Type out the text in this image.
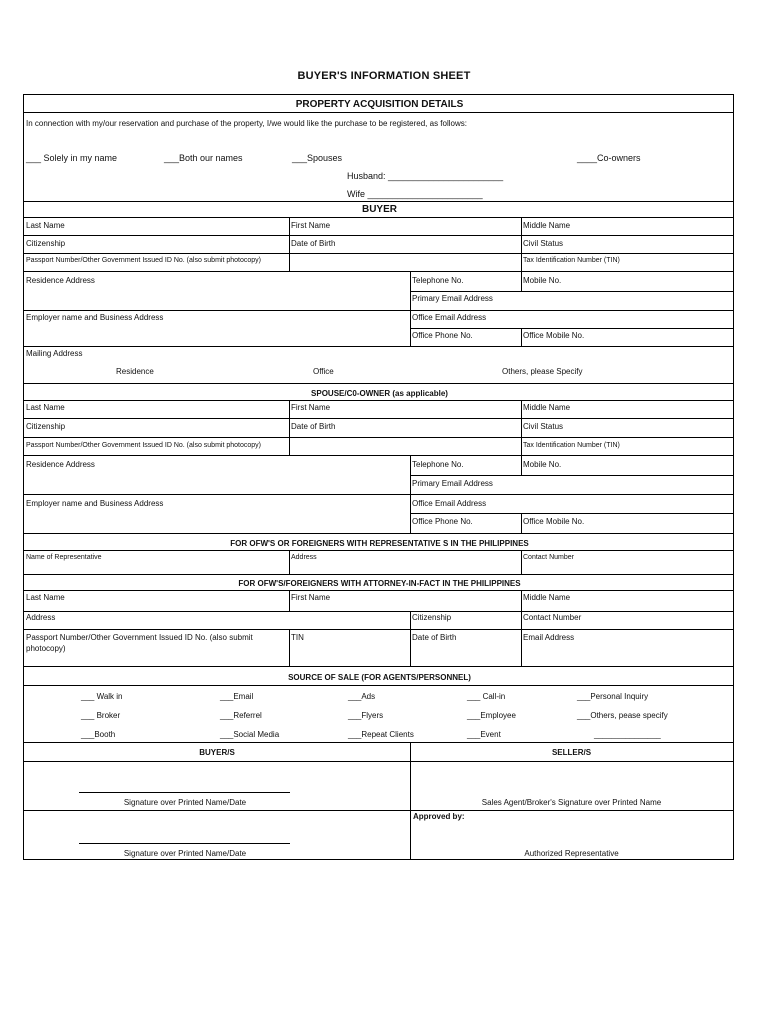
BUYER'S INFORMATION SHEET
PROPERTY ACQUISITION DETAILS
In connection with my/our reservation and purchase of the property, I/we would like the purchase to be registered, as follows:
___ Solely in my name	___Both our names	___Spouses	____Co-owners
Husband: _______________________
Wife _______________________
BUYER
Last Name	First Name	Middle Name
Citizenship	Date of Birth	Civil Status
Passport Number/Other Government Issued ID No. (also submit photocopy)	Tax Identification Number (TIN)
Residence Address	Telephone No.	Mobile No.
Primary Email Address
Employer name and Business Address	Office Email Address
Office Phone No.	Office Mobile No.
Mailing Address
Residence	Office	Others, please Specify
SPOUSE/C0-OWNER (as applicable)
Last Name	First Name	Middle Name
Citizenship	Date of Birth	Civil Status
Passport Number/Other Government Issued ID No. (also submit photocopy)	Tax Identification Number (TIN)
Residence Address	Telephone No.	Mobile No.
Primary Email Address
Employer name and Business Address	Office Email Address
Office Phone No.	Office Mobile No.
FOR OFW'S OR FOREIGNERS WITH REPRESENTATIVE S IN THE PHILIPPINES
Name of Representative	Address	Contact Number
FOR OFW'S/FOREIGNERS WITH ATTORNEY-IN-FACT IN THE PHILIPPINES
Last Name	First Name	Middle Name
Address	Citizenship	Contact Number
Passport Number/Other Government Issued ID No. (also submit
photocopy)
TIN	Date of Birth	Email Address
SOURCE OF SALE (FOR AGENTS/PERSONNEL)
___ Walk in	___Email	___Ads	___ Call-in	___Personal Inquiry
___ Broker	___Referrel	___Flyers	___Employee	___Others, pease specify
___Booth	___Social Media	___Repeat Clients	___Event	_______________
BUYER/S	SELLER/S
Signature over Printed Name/Date	Sales Agent/Broker's Signature over Printed Name
Approved by:
Signature over Printed Name/Date	Authorized Representative
